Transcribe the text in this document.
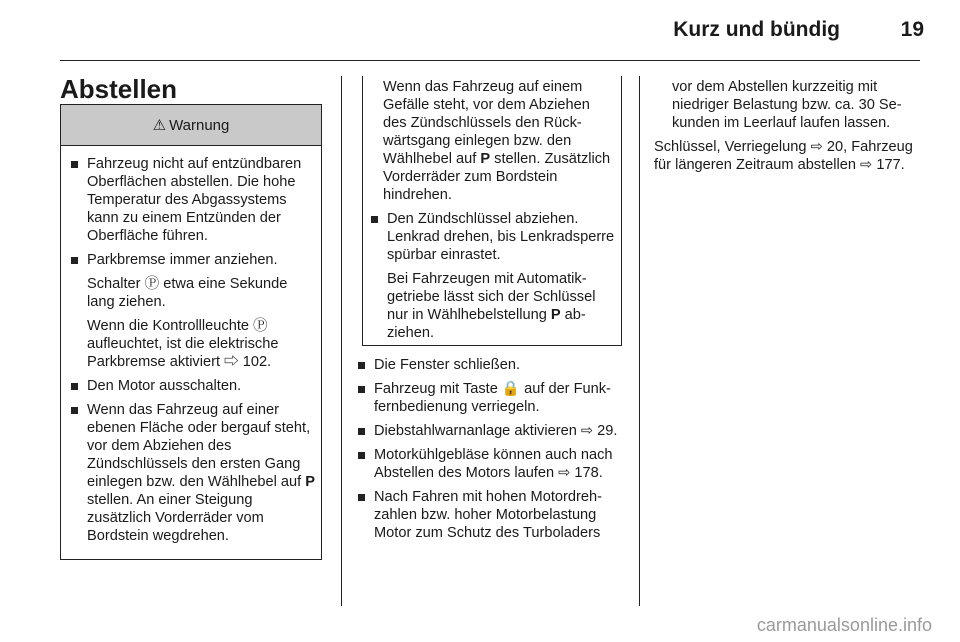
Kurz und bündig	19
Abstellen
⚠ Warnung
Fahrzeug nicht auf entzündbaren Oberflächen abstellen. Die hohe Temperatur des Abgassystems kann zu einem Entzünden der Oberfläche führen.
Parkbremse immer anziehen.
Schalter Ⓟ etwa eine Sekunde lang ziehen.
Wenn die Kontrollleuchte Ⓟ aufleuchtet, ist die elektrische Parkbremse aktiviert ⇨ 102.
Den Motor ausschalten.
Wenn das Fahrzeug auf einer ebenen Fläche oder bergauf steht, vor dem Abziehen des Zündschlüssels den ersten Gang einlegen bzw. den Wählhebel auf P stellen. An einer Steigung zusätzlich Vorderräder vom Bordstein wegdrehen.
Wenn das Fahrzeug auf einem Gefälle steht, vor dem Abziehen des Zündschlüssels den Rückwärtsgang einlegen bzw. den Wählhebel auf P stellen. Zusätzlich Vorderräder zum Bordstein hindrehen.
Den Zündschlüssel abziehen. Lenkrad drehen, bis Lenkradsperre spürbar einrastet.
Bei Fahrzeugen mit Automatikgetriebe lässt sich der Schlüssel nur in Wählhebelstellung P abziehen.
Die Fenster schließen.
Fahrzeug mit Taste 🔒 auf der Funkfernbedienung verriegeln.
Diebstahlwarnanlage aktivieren ⇨ 29.
Motorkühlgebläse können auch nach Abstellen des Motors laufen ⇨ 178.
Nach Fahren mit hohen Motordrehzahlen bzw. hoher Motorbelastung Motor zum Schutz des Turboladers
vor dem Abstellen kurzzeitig mit niedriger Belastung bzw. ca. 30 Sekunden im Leerlauf laufen lassen.
Schlüssel, Verriegelung ⇨ 20, Fahrzeug für längeren Zeitraum abstellen ⇨ 177.
carmanualsonline.info
